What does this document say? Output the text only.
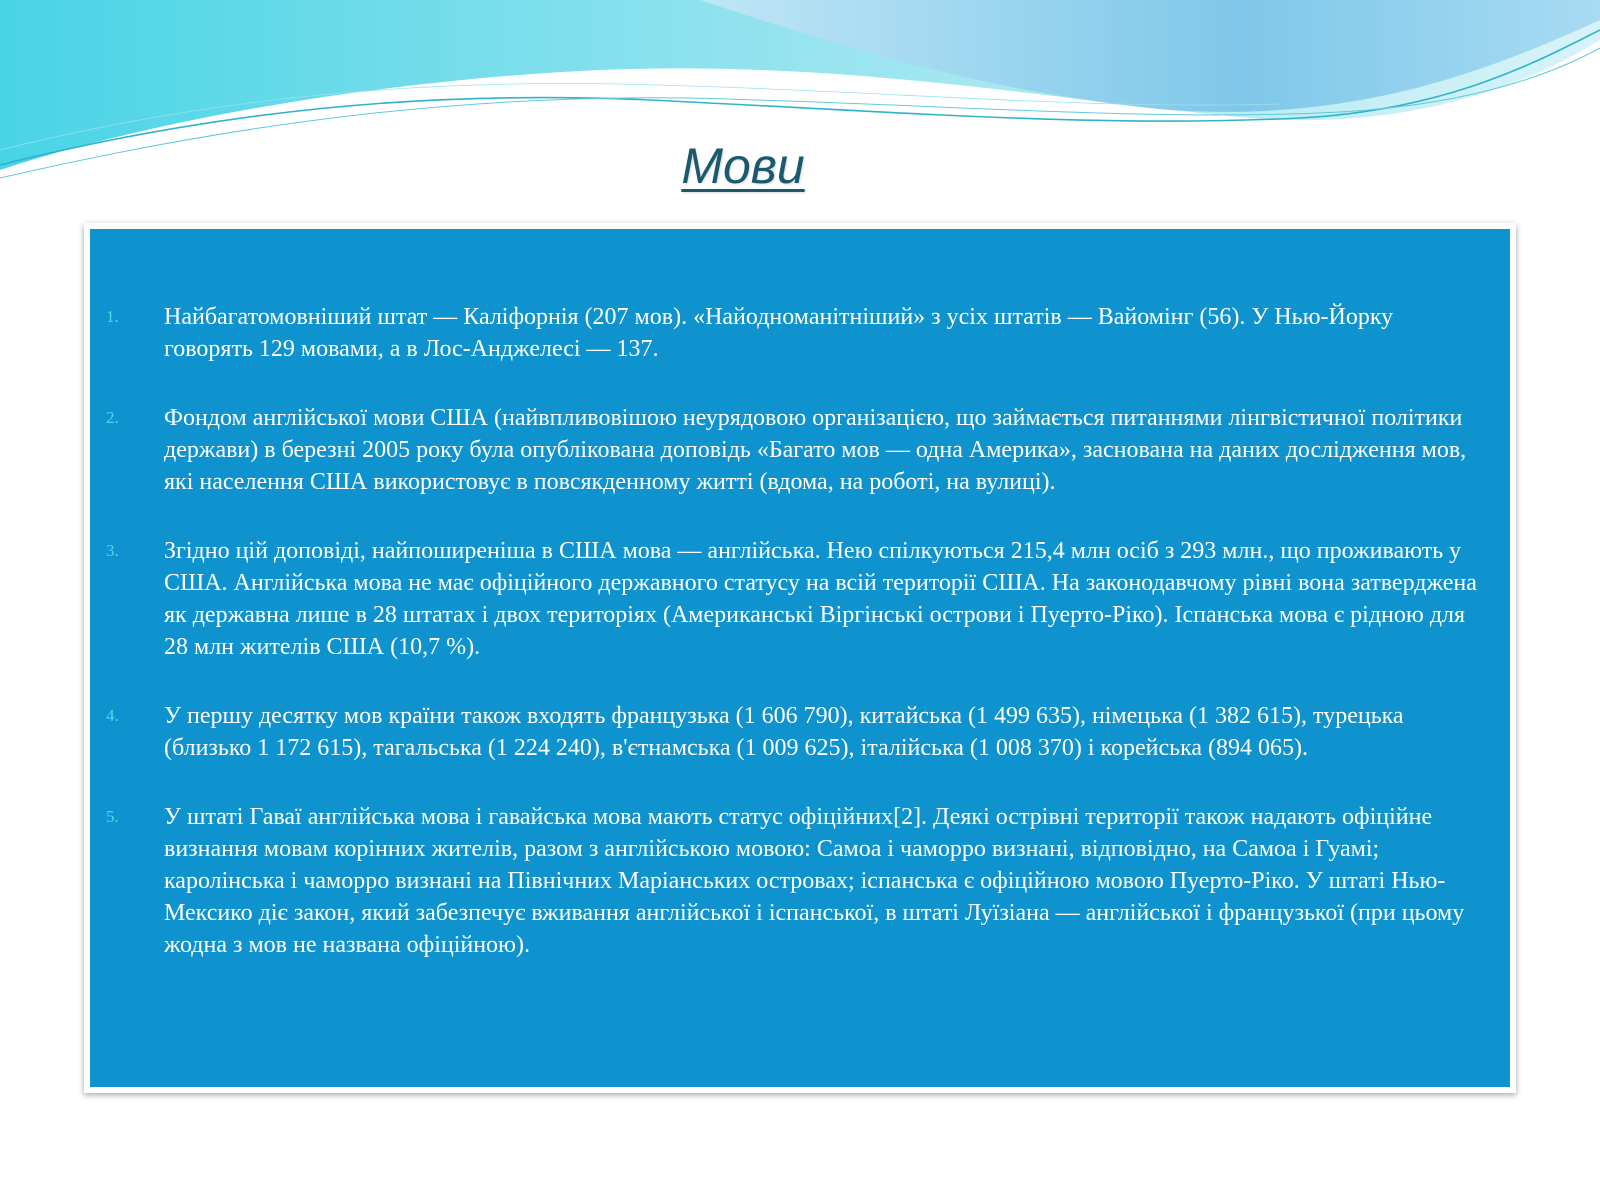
Мови
1.	Найбагатомовніший штат — Каліфорнія (207 мов). «Найодноманітніший» з усіх штатів — Вайомінг (56). У Нью-Йорку говорять 129 мовами, а в Лос-Анджелесі — 137.
2.	Фондом англійської мови США (найвпливовішою неурядовою організацією, що займається питаннями лінгвістичної політики держави) в березні 2005 року була опублікована доповідь «Багато мов — одна Америка», заснована на даних дослідження мов, які населення США використовує в повсякденному житті (вдома, на роботі, на вулиці).
3.	Згідно цій доповіді, найпоширеніша в США мова — англійська. Нею спілкуються 215,4 млн осіб з 293 млн., що проживають у США. Англійська мова не має офіційного державного статусу на всій території США. На законодавчому рівні вона затверджена як державна лише в 28 штатах і двох територіях (Американські Віргінські острови і Пуерто-Ріко). Іспанська мова є рідною для 28 млн жителів США (10,7 %).
4.	У першу десятку мов країни також входять французька (1 606 790), китайська (1 499 635), німецька (1 382 615), турецька (близько 1 172 615), тагальська (1 224 240), в'єтнамська (1 009 625), італійська (1 008 370) і корейська (894 065).
5.	У штаті Гаваї англійська мова і гавайська мова мають статус офіційних[2]. Деякі острівні території також надають офіційне визнання мовам корінних жителів, разом з англійською мовою: Самоа і чаморро визнані, відповідно, на Самоа і Гуамі; каролінська і чаморро визнані на Північних Маріанських островах; іспанська є офіційною мовою Пуерто-Ріко. У штаті Нью-Мексико діє закон, який забезпечує вживання англійської і іспанської, в штаті Луїзіана — англійської і французької (при цьому жодна з мов не названа офіційною).
